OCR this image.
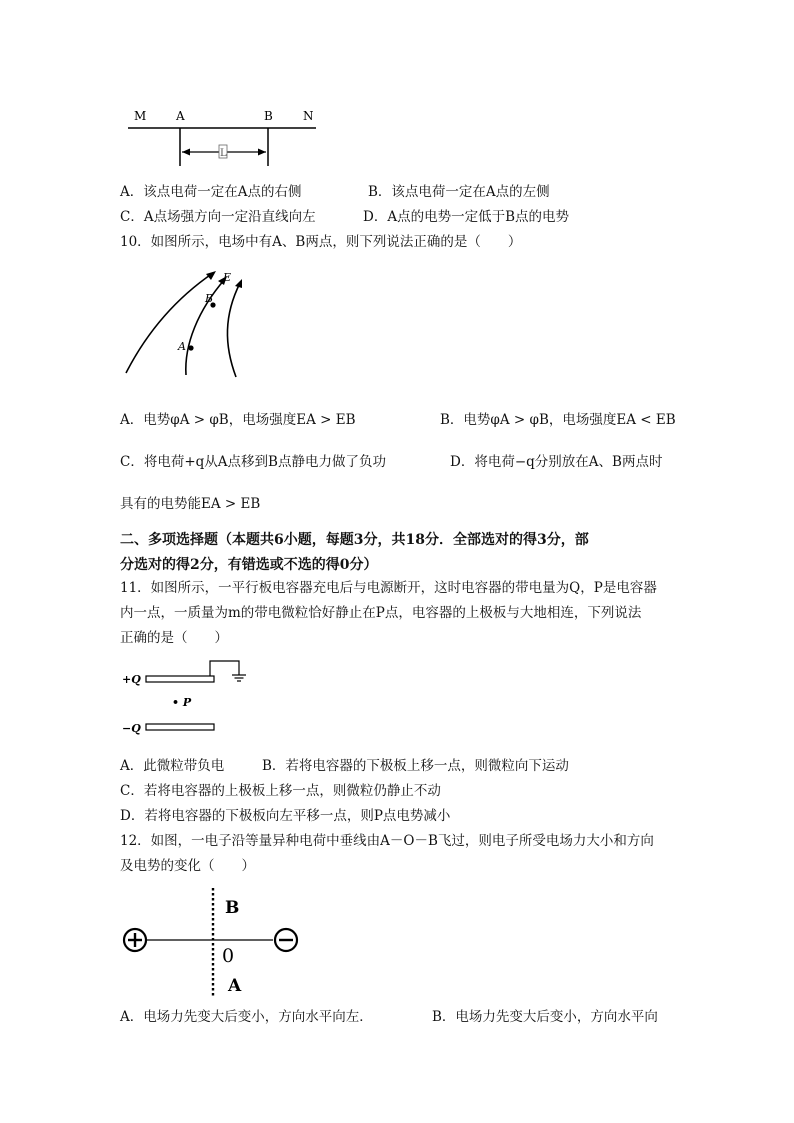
M A	B	N
L
A．该点电荷一定在A点的右侧	B．该点电荷一定在A点的左侧
C．A点场强方向一定沿直线向左	D．A点的电势一定低于B点的电势
10．如图所示，电场中有A、B两点，则下列说法正确的是（　　）
E
B
A
A．电势φA > φB，电场强度EA > EB	B．电势φA > φB，电场强度EA < EB
C．将电荷+q从A点移到B点静电力做了负功	D．将电荷−q分别放在A、B两点时
具有的电势能EA > EB
二、多项选择题（本题共6小题，每题3分，共18分．全部选对的得3分，部
分选对的得2分，有错选或不选的得0分）
11．如图所示，一平行板电容器充电后与电源断开，这时电容器的带电量为Q，P是电容器
内一点，一质量为m的带电微粒恰好静止在P点，电容器的上极板与大地相连，下列说法
正确的是（　　）
+Q
−Q
• P
A．此微粒带负电	B．若将电容器的下极板上移一点，则微粒向下运动
C．若将电容器的上极板上移一点，则微粒仍静止不动
D．若将电容器的下极板向左平移一点，则P点电势减小
12．如图，一电子沿等量异种电荷中垂线由A－O－B飞过，则电子所受电场力大小和方向
及电势的变化（　　）
B
0
A
A．电场力先变大后变小，方向水平向左．	B．电场力先变大后变小，方向水平向
